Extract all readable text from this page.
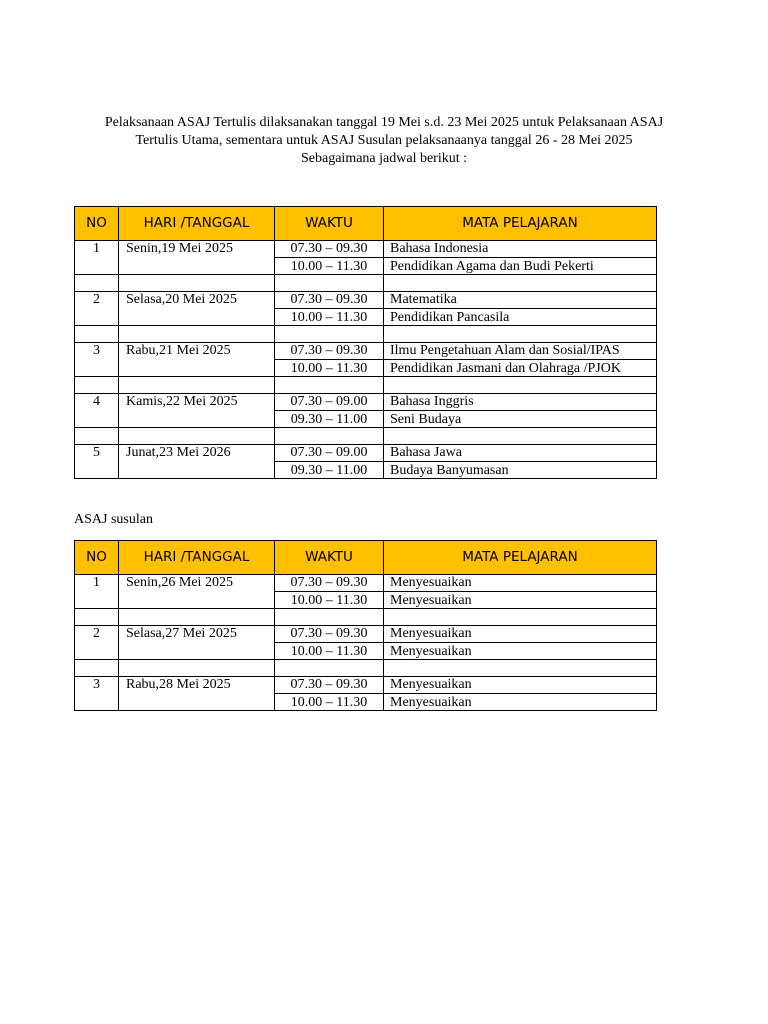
Pelaksanaan ASAJ Tertulis dilaksanakan tanggal 19 Mei s.d. 23 Mei 2025 untuk Pelaksanaan ASAJ
Tertulis Utama, sementara untuk ASAJ Susulan pelaksanaanya tanggal 26 - 28 Mei 2025
Sebagaimana jadwal berikut :
NO	HARI /TANGGAL	WAKTU	MATA PELAJARAN
1	Senin,19 Mei 2025	07.30 – 09.30	Bahasa Indonesia
		10.00 – 11.30	Pendidikan Agama dan Budi Pekerti

2	Selasa,20 Mei 2025	07.30 – 09.30	Matematika
		10.00 – 11.30	Pendidikan Pancasila

3	Rabu,21 Mei 2025	07.30 – 09.30	Ilmu Pengetahuan Alam dan Sosial/IPAS
		10.00 – 11.30	Pendidikan Jasmani dan Olahraga /PJOK

4	Kamis,22 Mei 2025	07.30 – 09.00	Bahasa Inggris
		09.30 – 11.00	Seni Budaya

5	Junat,23 Mei 2026	07.30 – 09.00	Bahasa Jawa
		09.30 – 11.00	Budaya Banyumasan
ASAJ susulan
NO	HARI /TANGGAL	WAKTU	MATA PELAJARAN
1	Senin,26 Mei 2025	07.30 – 09.30	Menyesuaikan
		10.00 – 11.30	Menyesuaikan

2	Selasa,27 Mei 2025	07.30 – 09.30	Menyesuaikan
		10.00 – 11.30	Menyesuaikan

3	Rabu,28 Mei 2025	07.30 – 09.30	Menyesuaikan
		10.00 – 11.30	Menyesuaikan
